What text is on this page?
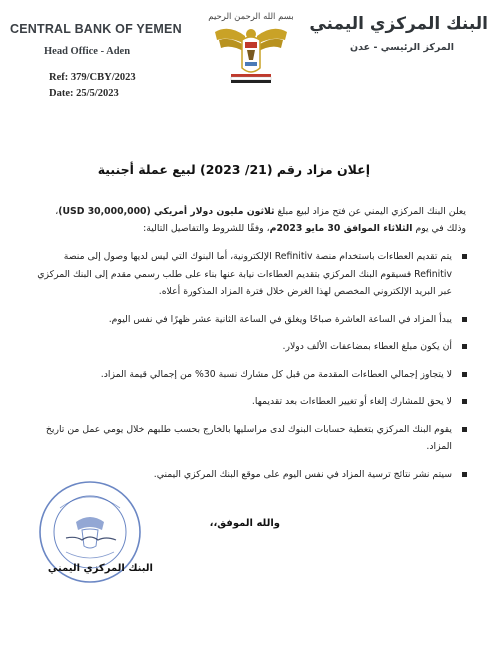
CENTRAL BANK OF YEMEN
Head Office - Aden
Ref: 379/CBY/2023
Date: 25/5/2023
بسم الله الرحمن الرحيم البنك المركزي اليمني
المركز الرئيسي - عدن
إعلان مزاد رقم (21/ 2023) لبيع عملة أجنبية
يعلن البنك المركزي اليمني عن فتح مزاد لبيع مبلغ ثلاثون مليون دولار أمريكي (30,000,000 USD)، وذلك في يوم الثلاثاء الموافق 30 مايو 2023م، وفقًا للشروط والتفاصيل التالية:
يتم تقديم العطاءات باستخدام منصة Refinitiv الإلكترونية، أما البنوك التي ليس لديها وصول إلى منصة Refinitiv فسيقوم البنك المركزي بتقديم العطاءات نيابة عنها بناء على طلب رسمي مقدم إلى البنك المركزي عبر البريد الإلكتروني المخصص لهذا الغرض خلال فترة المزاد المذكورة أعلاه.
يبدأ المزاد في الساعة العاشرة صباحًا ويغلق في الساعة الثانية عشر ظهرًا في نفس اليوم.
أن يكون مبلغ العطاء بمضاعفات الألف دولار.
لا يتجاوز إجمالي العطاءات المقدمة من قبل كل مشارك نسبة 30% من إجمالي قيمة المزاد.
لا يحق للمشارك إلغاء أو تغيير العطاءات بعد تقديمها.
يقوم البنك المركزي بتغطية حسابات البنوك لدى مراسليها بالخارج بحسب طلبهم خلال يومي عمل من تاريخ المزاد.
سيتم نشر نتائج ترسية المزاد في نفس اليوم على موقع البنك المركزي اليمني.
والله الموفق،،
البنك المركزي اليمني
